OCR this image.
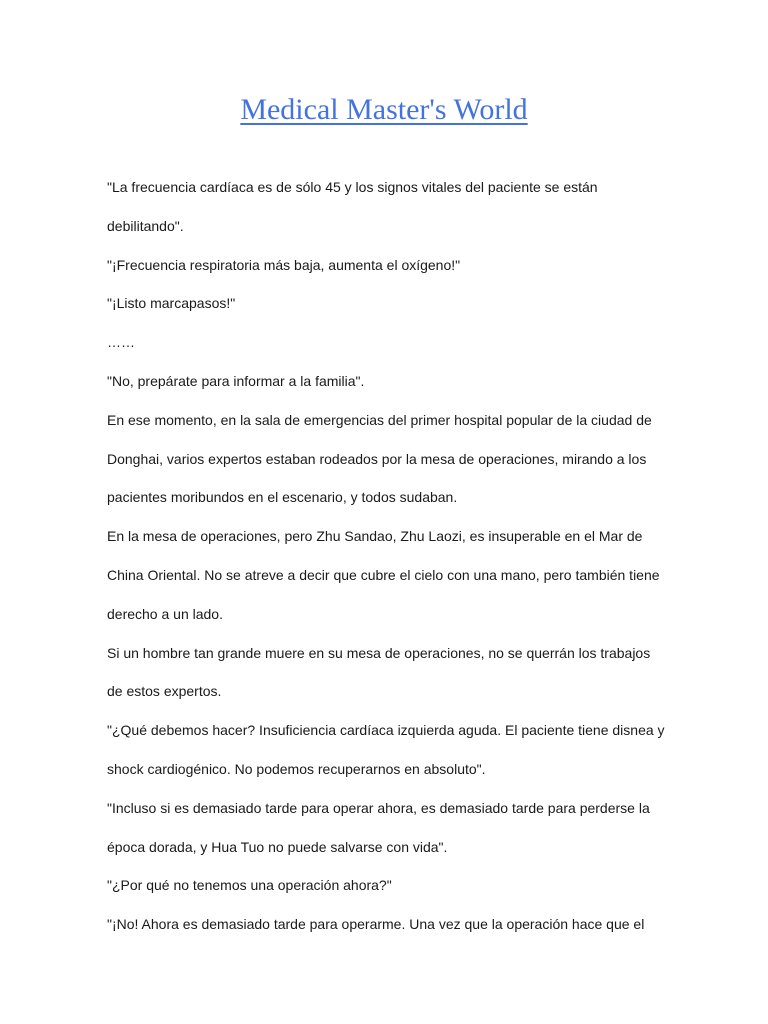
Medical Master's World

"La frecuencia cardíaca es de sólo 45 y los signos vitales del paciente se están debilitando".

"¡Frecuencia respiratoria más baja, aumenta el oxígeno!"

"¡Listo marcapasos!"

……

"No, prepárate para informar a la familia".

En ese momento, en la sala de emergencias del primer hospital popular de la ciudad de Donghai, varios expertos estaban rodeados por la mesa de operaciones, mirando a los pacientes moribundos en el escenario, y todos sudaban.

En la mesa de operaciones, pero Zhu Sandao, Zhu Laozi, es insuperable en el Mar de China Oriental. No se atreve a decir que cubre el cielo con una mano, pero también tiene derecho a un lado.

Si un hombre tan grande muere en su mesa de operaciones, no se querrán los trabajos de estos expertos.

"¿Qué debemos hacer? Insuficiencia cardíaca izquierda aguda. El paciente tiene disnea y shock cardiogénico. No podemos recuperarnos en absoluto".

"Incluso si es demasiado tarde para operar ahora, es demasiado tarde para perderse la época dorada, y Hua Tuo no puede salvarse con vida".

"¿Por qué no tenemos una operación ahora?"

"¡No! Ahora es demasiado tarde para operarme. Una vez que la operación hace que el
